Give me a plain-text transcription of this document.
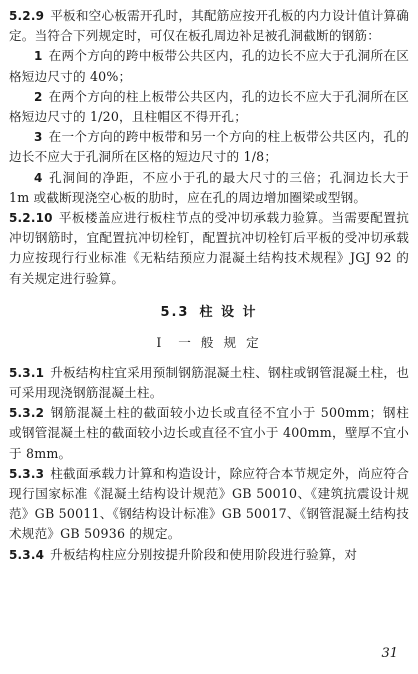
5.2.9 平板和空心板需开孔时，其配筋应按开孔板的内力设计值计算确定。当符合下列规定时，可仅在板孔周边补足被孔洞截断的钢筋：

1 在两个方向的跨中板带公共区内，孔的边长不应大于孔洞所在区格短边尺寸的 40%；

2 在两个方向的柱上板带公共区内，孔的边长不应大于孔洞所在区格短边尺寸的 1/20，且柱帽区不得开孔；

3 在一个方向的跨中板带和另一个方向的柱上板带公共区内，孔的边长不应大于孔洞所在区格的短边尺寸的 1/8；

4 孔洞间的净距，不应小于孔的最大尺寸的三倍；孔洞边长大于 1m 或截断现浇空心板的肋时，应在孔的周边增加圈梁或型钢。

5.2.10 平板楼盖应进行板柱节点的受冲切承载力验算。当需要配置抗冲切钢筋时，宜配置抗冲切栓钉，配置抗冲切栓钉后平板的受冲切承载力应按现行行业标准《无粘结预应力混凝土结构技术规程》JGJ 92 的有关规定进行验算。

5.3 柱 设 计
Ⅰ 一 般 规 定

5.3.1 升板结构柱宜采用预制钢筋混凝土柱、钢柱或钢管混凝土柱，也可采用现浇钢筋混凝土柱。

5.3.2 钢筋混凝土柱的截面较小边长或直径不宜小于 500mm；钢柱或钢管混凝土柱的截面较小边长或直径不宜小于 400mm，壁厚不宜小于 8mm。

5.3.3 柱截面承载力计算和构造设计，除应符合本节规定外，尚应符合现行国家标准《混凝土结构设计规范》GB 50010、《建筑抗震设计规范》GB 50011、《钢结构设计标准》GB 50017、《钢管混凝土结构技术规范》GB 50936 的规定。

5.3.4 升板结构柱应分别按提升阶段和使用阶段进行验算，对

31
